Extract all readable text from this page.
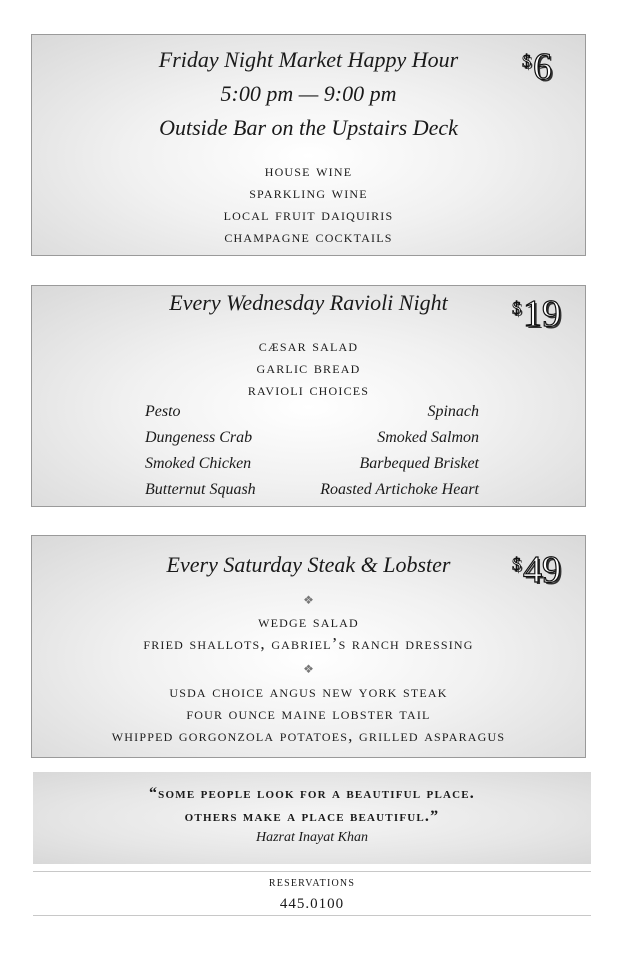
Friday Night Market Happy Hour
5:00 pm — 9:00 pm
Outside Bar on the Upstairs Deck
$6
house wine
sparkling wine
local fruit daiquiris
champagne cocktails
Every Wednesday Ravioli Night	$19
cæsar salad
garlic bread
ravioli choices
Pesto
Dungeness Crab
Smoked Chicken
Butternut Squash
Spinach
Smoked Salmon
Barbequed Brisket
Roasted Artichoke Heart
Every Saturday Steak & Lobster	$49
❖
wedge salad
fried shallots, gabriel’s ranch dressing
❖
usda choice angus new york steak
four ounce maine lobster tail
whipped gorgonzola potatoes, grilled asparagus
“some people look for a beautiful place.
others make a place beautiful.”
Hazrat Inayat Khan
reservations
445.0100
